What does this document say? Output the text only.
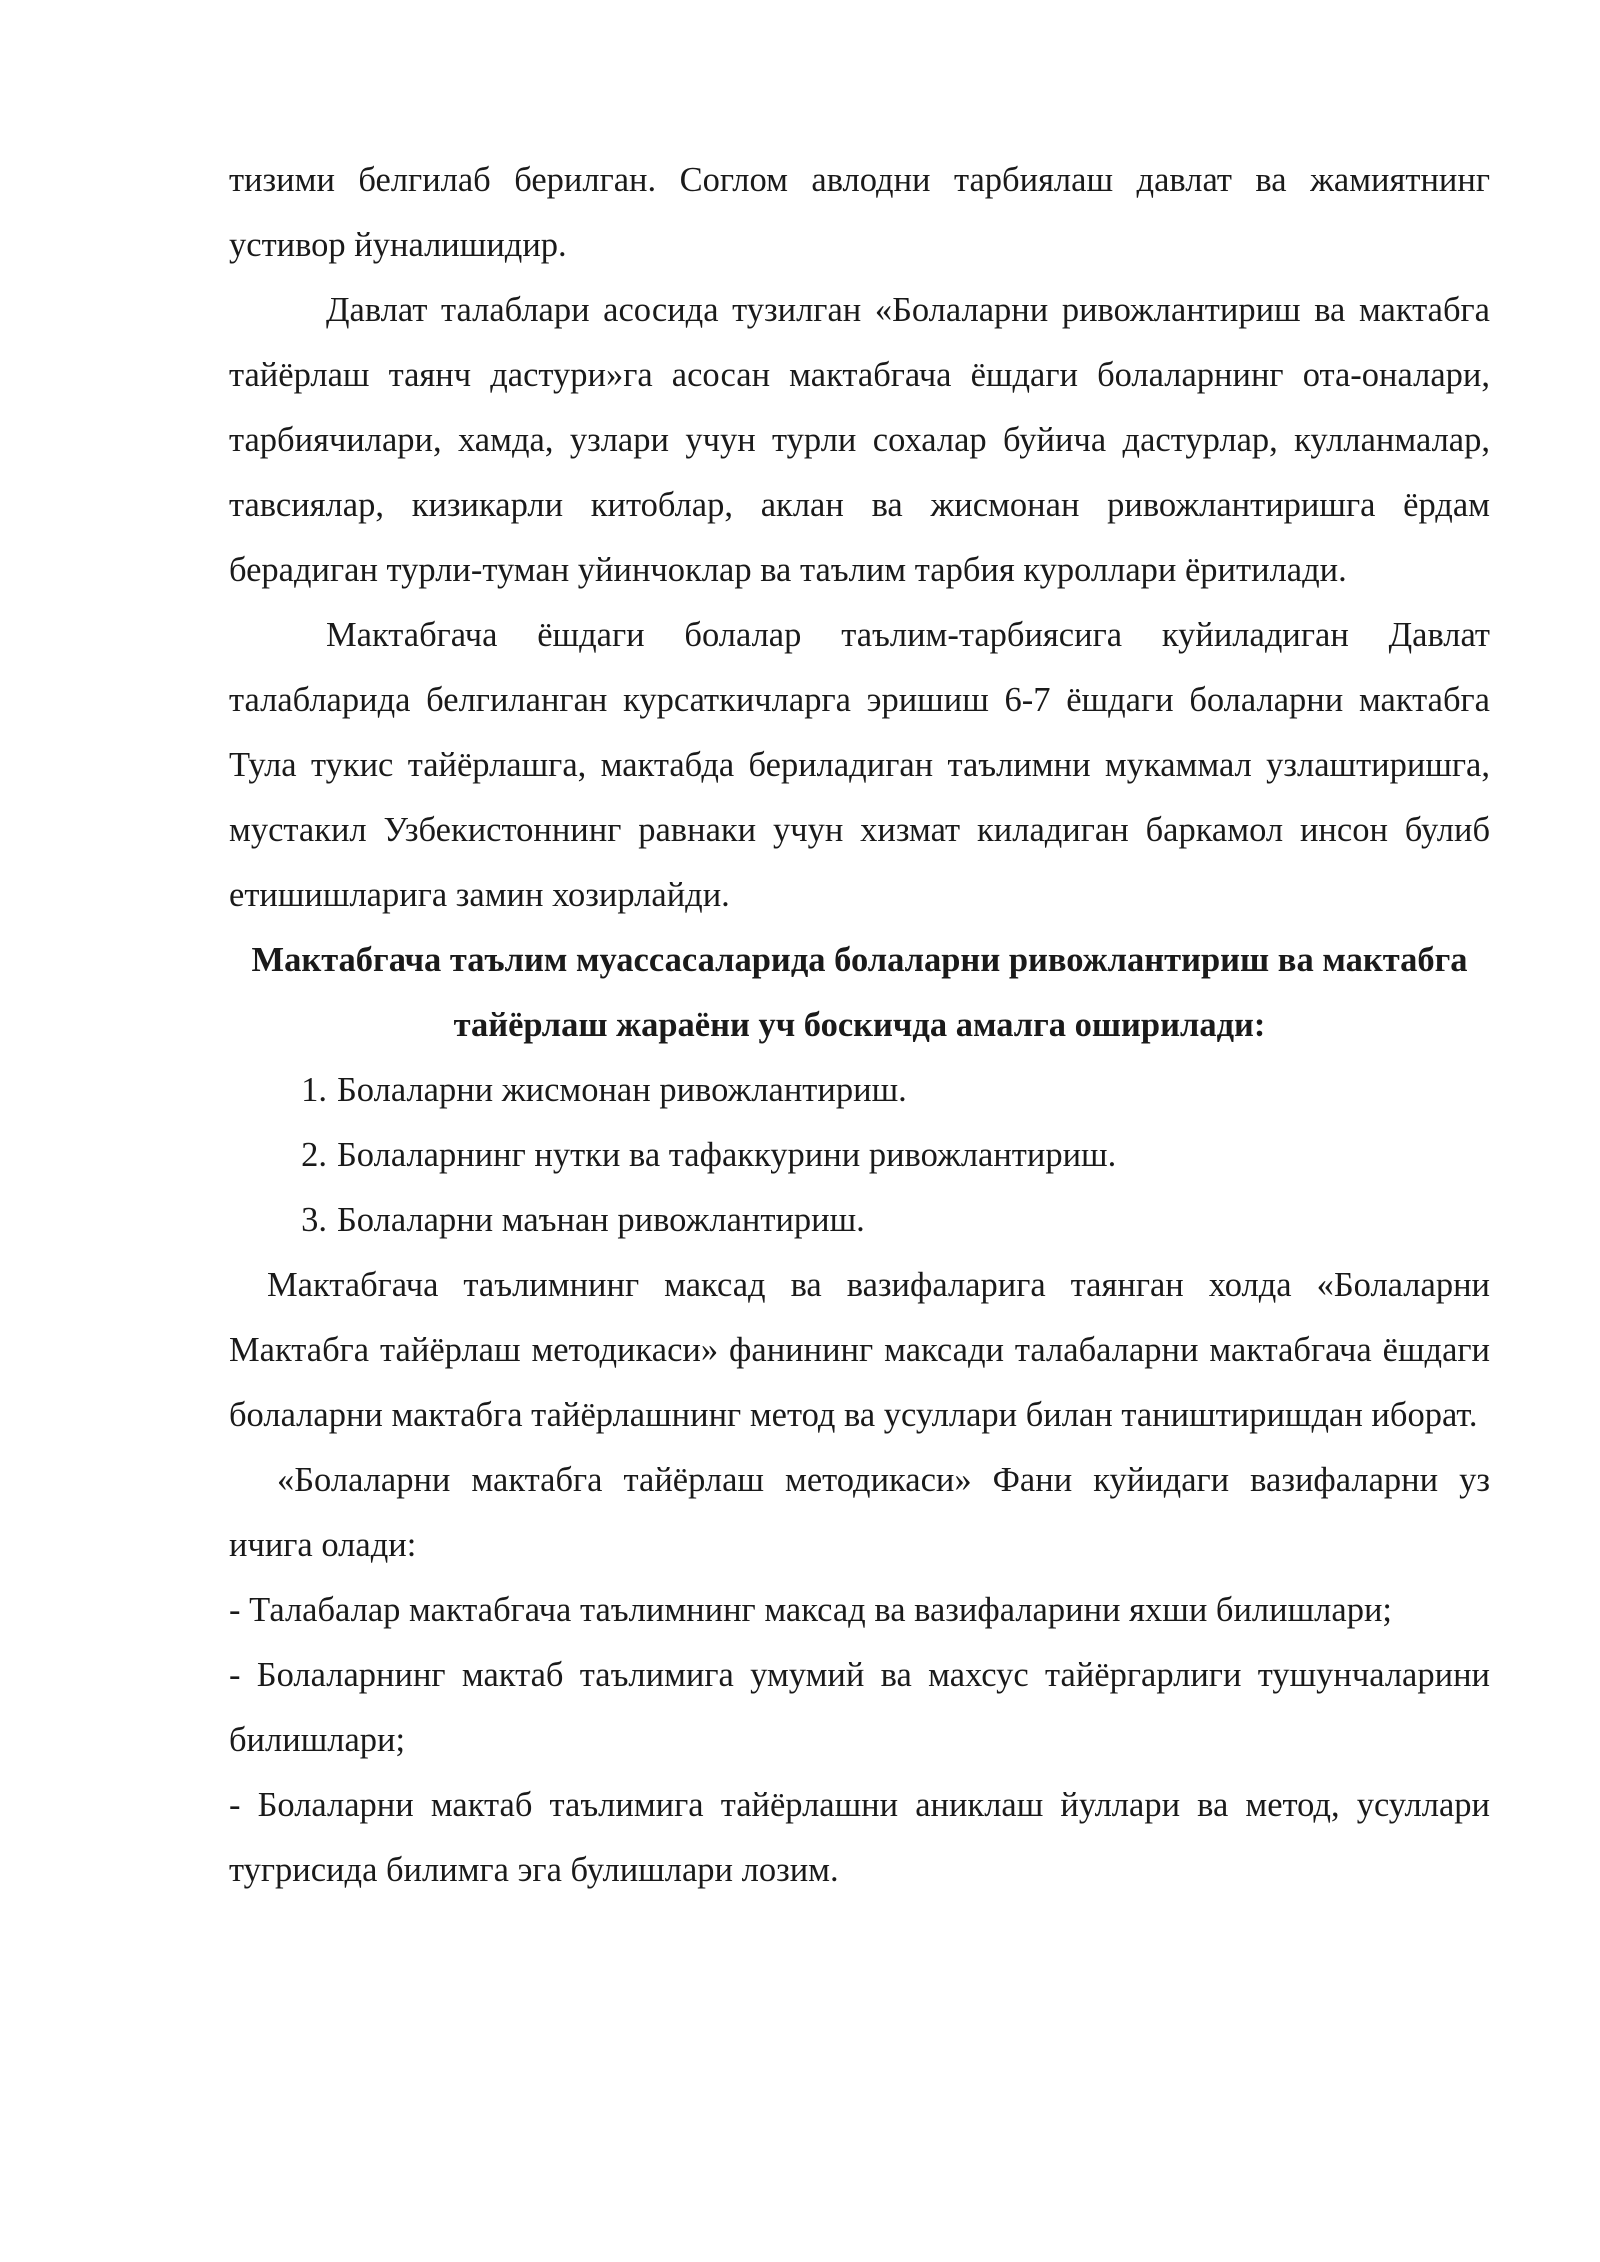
тизими белгилаб берилган. Соглом авлодни тарбиялаш давлат ва жамиятнинг устивор йуналишидир.

Давлат талаблари асосида тузилган «Болаларни ривожлантириш ва мактабга тайёрлаш таянч дастури»га асосан мактабгача ёшдаги болаларнинг ота-оналари, тарбиячилари, хамда, узлари учун турли сохалар буйича дастурлар, кулланмалар, тавсиялар, кизикарли китоблар, аклан ва жисмонан ривожлантиришга ёрдам берадиган турли-туман уйинчоклар ва таълим тарбия куроллари ёритилади.

Мактабгача ёшдаги болалар таълим-тарбиясига куйиладиган Давлат талабларида белгиланган курсаткичларга эришиш 6-7 ёшдаги болаларни мактабга Тула тукис тайёрлашга, мактабда бериладиган таълимни мукаммал узлаштиришга, мустакил Узбекистоннинг равнаки учун хизмат киладиган баркамол инсон булиб етишишларига замин хозирлайди.

Мактабгача таълим муассасаларида болаларни ривожлантириш ва мактабга тайёрлаш жараёни уч боскичда амалга оширилади:

1. Болаларни жисмонан ривожлантириш.
2. Болаларнинг нутки ва тафаккурини ривожлантириш.
3. Болаларни маънан ривожлантириш.

Мактабгача таълимнинг максад ва вазифаларига таянган холда «Болаларни Мактабга тайёрлаш методикаси» фанининг максади талабаларни мактабгача ёшдаги болаларни мактабга тайёрлашнинг метод ва усуллари билан таништиришдан иборат.

«Болаларни мактабга тайёрлаш методикаси» Фани куйидаги вазифаларни уз ичига олади:

- Талабалар мактабгача таълимнинг максад ва вазифаларини яхши билишлари;

- Болаларнинг мактаб таълимига умумий ва махсус тайёргарлиги тушунчаларини билишлари;

- Болаларни мактаб таълимига тайёрлашни аниклаш йуллари ва метод, усуллари тугрисида билимга эга булишлари лозим.
